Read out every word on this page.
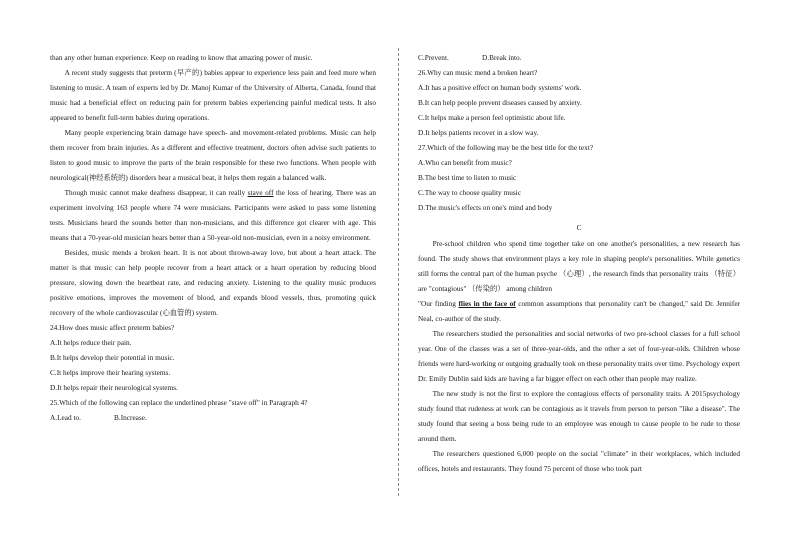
than any other human experience. Keep on reading to know that amazing power of music.

A recent study suggests that preterm (早产的) babies appear to experience less pain and feed more when listening to music. A team of experts led by Dr. Manoj Kumar of the University of Alberta, Canada, found that music had a beneficial effect on reducing pain for preterm babies experiencing painful medical tests. It also appeared to benefit full-term babies during operations.

Many people experiencing brain damage have speech- and movement-related problems. Music can help them recover from brain injuries. As a different and effective treatment, doctors often advise such patients to listen to good music to improve the parts of the brain responsible for these two functions. When people with neurological(神经系统的) disorders hear a musical beat, it helps them regain a balanced walk.

Though music cannot make deafness disappear, it can really stave off the loss of hearing. There was an experiment involving 163 people where 74 were musicians. Participants were asked to pass some listening tests. Musicians heard the sounds better than non-musicians, and this difference got clearer with age. This means that a 70-year-old musician hears better than a 50-year-old non-musician, even in a noisy environment.

Besides, music mends a broken heart. It is not about thrown-away love, but about a heart attack. The matter is that music can help people recover from a heart attack or a heart operation by reducing blood pressure, slowing down the heartbeat rate, and reducing anxiety. Listening to the quality music produces positive emotions, improves the movement of blood, and expands blood vessels, thus, promoting quick recovery of the whole cardiovascular (心血管的) system.

24.How does music affect preterm babies?

A.It helps reduce their pain.

B.It helps develop their potential in music.

C.It helps improve their hearing systems.

D.It helps repair their neurological systems.

25.Which of the following can replace the underlined phrase "stave off" in Paragraph 4?

A.Lead to.	B.Increase.

C.Prevent.	D.Break into.

26.Why can music mend a broken heart?

A.It has a positive effect on human body systems' work.

B.It can help people prevent diseases caused by anxiety.

C.It helps make a person feel optimistic about life.

D.It helps patients recover in a slow way.

27.Which of the following may be the best title for the text?

A.Who can benefit from music?

B.The best time to listen to music

C.The way to choose quality music

D.The music's effects on one's mind and body

C

Pre-school children who spend time together take on one another's personalities, a new research has found. The study shows that environment plays a key role in shaping people's personalities. While genetics still forms the central part of the human psyche （心理）, the research finds that personality traits （特征） are "contagious" （传染的） among children

"Our finding flies in the face of common assumptions that personality can't be changed," said Dr. Jennifer Neal, co-author of the study.

The researchers studied the personalities and social networks of two pre-school classes for a full school year. One of the classes was a set of three-year-olds, and the other a set of four-year-olds. Children whose friends were hard-working or outgoing gradually took on these personality traits over time. Psychology expert Dr. Emily Dublin said kids are having a far bigger effect on each other than people may realize.

The new study is not the first to explore the contagious effects of personality traits. A 2015psychology study found that rudeness at work can be contagious as it travels from person to person "like a disease". The study found that seeing a boss being rude to an employee was enough to cause people to be rude to those around them.

The researchers questioned 6,000 people on the social "climate" in their workplaces, which included offices, hotels and restaurants. They found 75 percent of those who took part
